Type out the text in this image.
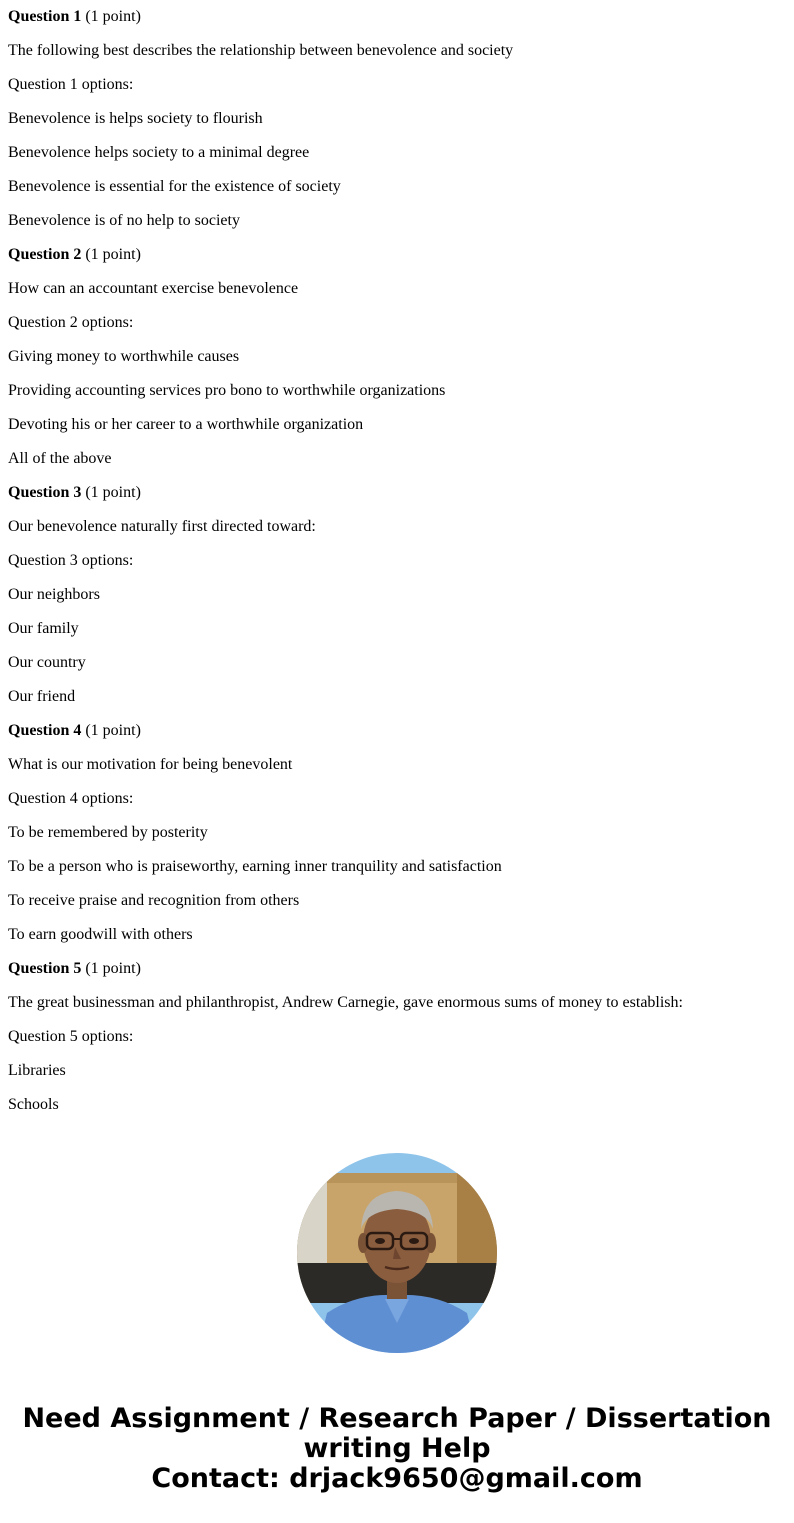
Question 1 (1 point)
The following best describes the relationship between benevolence and society
Question 1 options:
Benevolence is helps society to flourish
Benevolence helps society to a minimal degree
Benevolence is essential for the existence of society
Benevolence is of no help to society
Question 2 (1 point)
How can an accountant exercise benevolence
Question 2 options:
Giving money to worthwhile causes
Providing accounting services pro bono to worthwhile organizations
Devoting his or her career to a worthwhile organization
All of the above
Question 3 (1 point)
Our benevolence naturally first directed toward:
Question 3 options:
Our neighbors
Our family
Our country
Our friend
Question 4 (1 point)
What is our motivation for being benevolent
Question 4 options:
To be remembered by posterity
To be a person who is praiseworthy, earning inner tranquility and satisfaction
To receive praise and recognition from others
To earn goodwill with others
Question 5 (1 point)
The great businessman and philanthropist, Andrew Carnegie, gave enormous sums of money to establish:
Question 5 options:
Libraries
Schools
Need Assignment / Research Paper / Dissertation
writing Help
Contact: drjack9650@gmail.com
